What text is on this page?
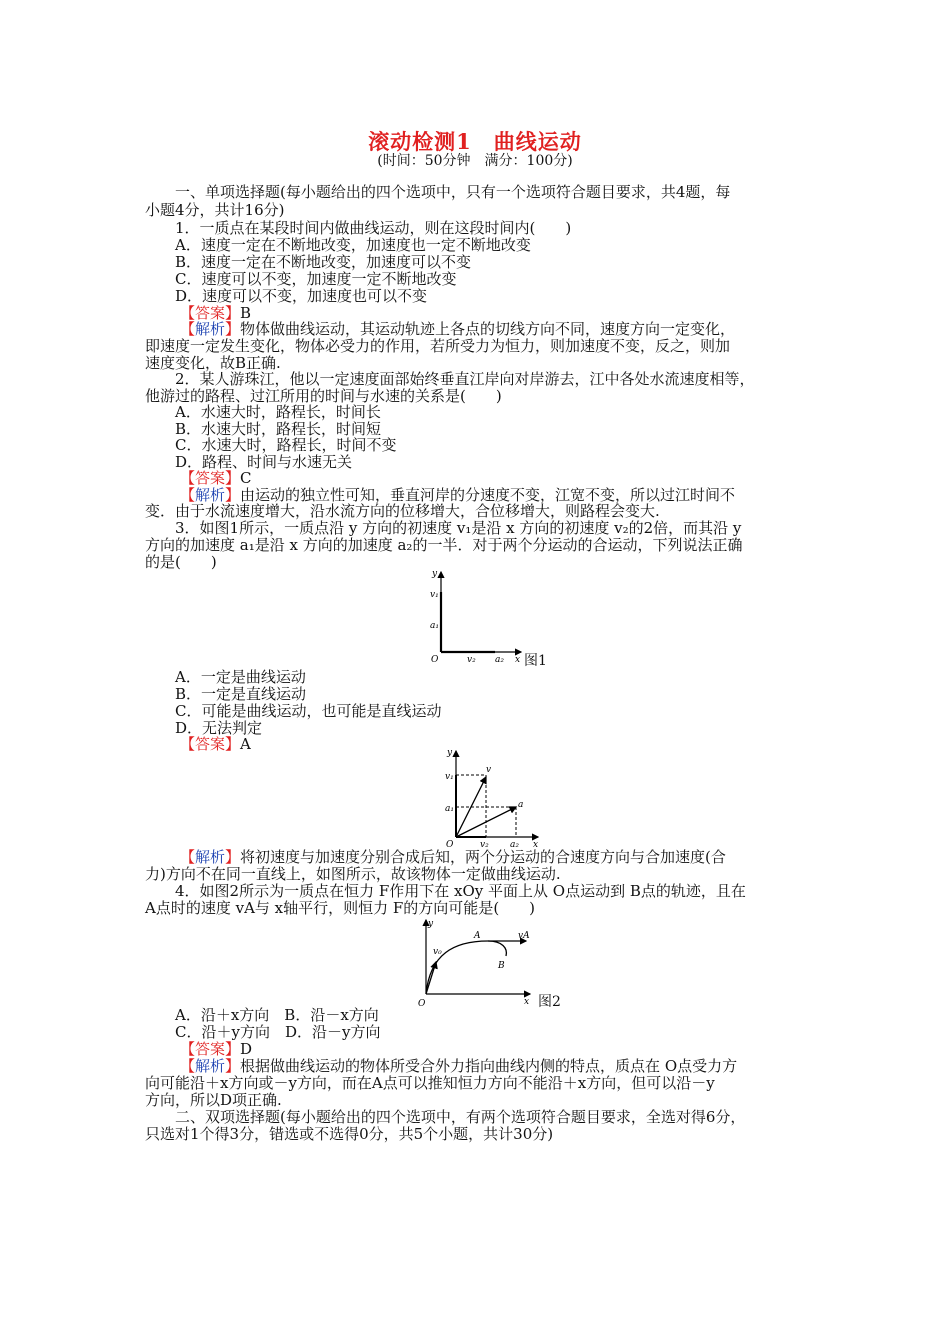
滚动检测1　曲线运动
(时间：50分钟　满分：100分)
一、单项选择题(每小题给出的四个选项中，只有一个选项符合题目要求，共4题，每
小题4分，共计16分)
1．一质点在某段时间内做曲线运动，则在这段时间内(　　)
A．速度一定在不断地改变，加速度也一定不断地改变
B．速度一定在不断地改变，加速度可以不变
C．速度可以不变，加速度一定不断地改变
D．速度可以不变，加速度也可以不变
【答案】B
【解析】物体做曲线运动，其运动轨迹上各点的切线方向不同，速度方向一定变化，
即速度一定发生变化，物体必受力的作用，若所受力为恒力，则加速度不变，反之，则加
速度变化，故B正确.
2．某人游珠江，他以一定速度面部始终垂直江岸向对岸游去，江中各处水流速度相等，
他游过的路程、过江所用的时间与水速的关系是(　　)
A．水速大时，路程长，时间长
B．水速大时，路程长，时间短
C．水速大时，路程长，时间不变
D．路程、时间与水速无关
【答案】C
【解析】由运动的独立性可知，垂直河岸的分速度不变，江宽不变，所以过江时间不
变．由于水流速度增大，沿水流方向的位移增大，合位移增大，则路程会变大.
3．如图1所示，一质点沿 y 方向的初速度 v₁是沿 x 方向的初速度 v₂的2倍，而其沿 y
方向的加速度 a₁是沿 x 方向的加速度 a₂的一半．对于两个分运动的合运动，下列说法正确
的是(　　)
y
v₁
a₁
O	v₂ a₂ x 图1
A．一定是曲线运动
B．一定是直线运动
C．可能是曲线运动，也可能是直线运动
D．无法判定
【答案】A	y
v₁
v
a₁	a
O	v₂ a₂ x
【解析】将初速度与加速度分别合成后知，两个分运动的合速度方向与合加速度(合
力)方向不在同一直线上，如图所示，故该物体一定做曲线运动.
4．如图2所示为一质点在恒力 F作用下在 xOy 平面上从 O点运动到 B点的轨迹，且在
A点时的速度 vA与 x轴平行，则恒力 F的方向可能是(　　)
y
v₀
A	vA
B
O	x 图2
A．沿＋x方向　B．沿－x方向
C．沿＋y方向　D．沿－y方向
【答案】D
【解析】根据做曲线运动的物体所受合外力指向曲线内侧的特点，质点在 O点受力方
向可能沿＋x方向或－y方向，而在A点可以推知恒力方向不能沿＋x方向，但可以沿－y
方向，所以D项正确.
二、双项选择题(每小题给出的四个选项中，有两个选项符合题目要求，全选对得6分，
只选对1个得3分，错选或不选得0分，共5个小题，共计30分)
